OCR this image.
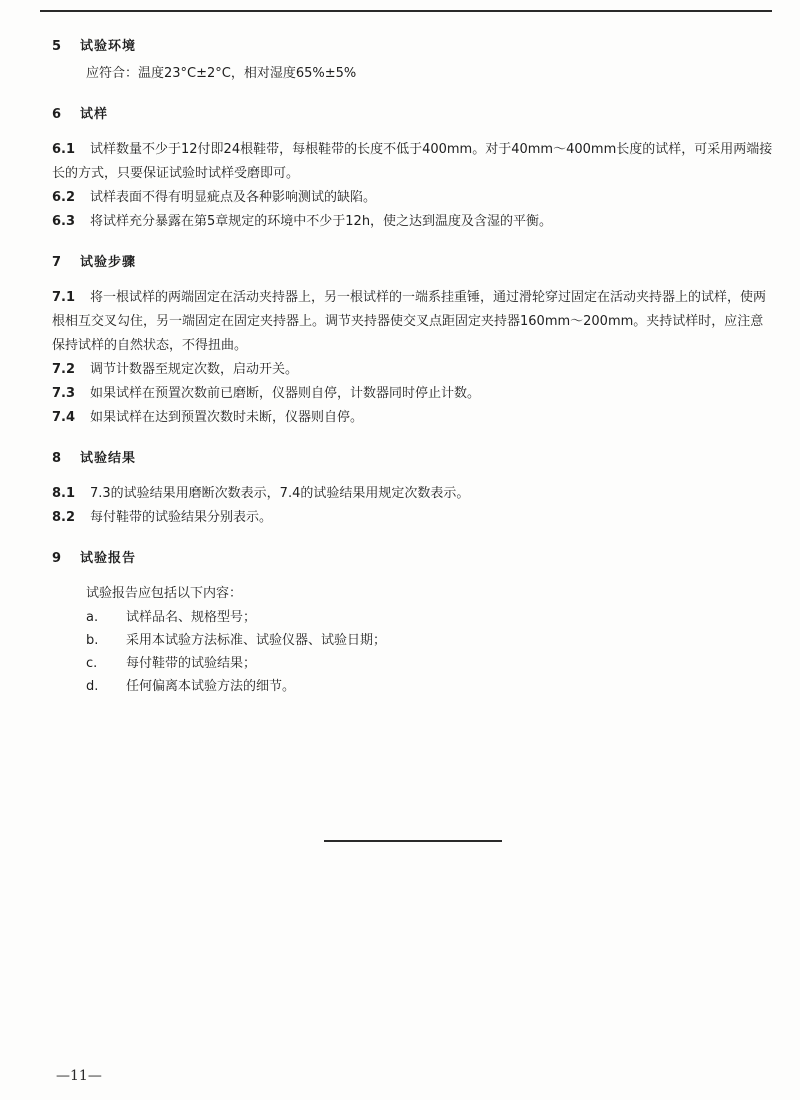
5 试验环境

应符合：温度23°C±2°C，相对湿度65%±5%

6 试样

6.1 试样数量不少于12付即24根鞋带，每根鞋带的长度不低于400mm。对于40mm～400mm长度的试样，可采用两端接长的方式，只要保证试验时试样受磨即可。

6.2 试样表面不得有明显疵点及各种影响测试的缺陷。

6.3 将试样充分暴露在第5章规定的环境中不少于12h，使之达到温度及含湿的平衡。

7 试验步骤

7.1 将一根试样的两端固定在活动夹持器上，另一根试样的一端系挂重锤，通过滑轮穿过固定在活动夹持器上的试样，使两根相互交叉勾住，另一端固定在固定夹持器上。调节夹持器使交叉点距固定夹持器160mm～200mm。夹持试样时，应注意保持试样的自然状态，不得扭曲。

7.2 调节计数器至规定次数，启动开关。

7.3 如果试样在预置次数前已磨断，仪器则自停，计数器同时停止计数。

7.4 如果试样在达到预置次数时未断，仪器则自停。

8 试验结果

8.1 7.3的试验结果用磨断次数表示，7.4的试验结果用规定次数表示。

8.2 每付鞋带的试验结果分别表示。

9 试验报告

试验报告应包括以下内容：

a. 试样品名、规格型号；
b. 采用本试验方法标准、试验仪器、试验日期；
c. 每付鞋带的试验结果；
d. 任何偏离本试验方法的细节。
—11—
